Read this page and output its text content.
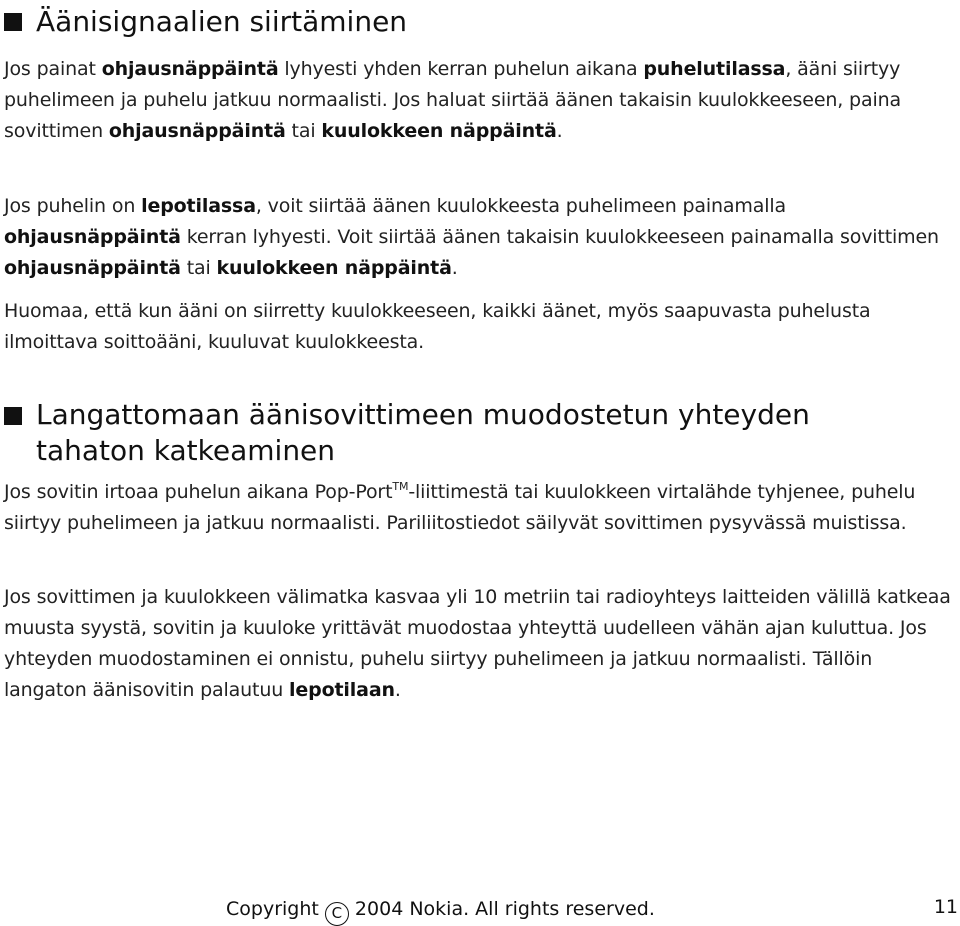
Äänisignaalien siirtäminen

Jos painat ohjausnäppäintä lyhyesti yhden kerran puhelun aikana puhelutilassa, ääni siirtyy puhelimeen ja puhelu jatkuu normaalisti. Jos haluat siirtää äänen takaisin kuulokkeeseen, paina sovittimen ohjausnäppäintä tai kuulokkeen näppäintä.

Jos puhelin on lepotilassa, voit siirtää äänen kuulokkeesta puhelimeen painamalla ohjausnäppäintä kerran lyhyesti. Voit siirtää äänen takaisin kuulokkeeseen painamalla sovittimen ohjausnäppäintä tai kuulokkeen näppäintä.

Huomaa, että kun ääni on siirretty kuulokkeeseen, kaikki äänet, myös saapuvasta puhelusta ilmoittava soittoääni, kuuluvat kuulokkeesta.

Langattomaan äänisovittimeen muodostetun yhteyden
tahaton katkeaminen

Jos sovitin irtoaa puhelun aikana Pop-Port™-liittimestä tai kuulokkeen virtalähde tyhjenee, puhelu siirtyy puhelimeen ja jatkuu normaalisti. Pariliitostiedot säilyvät sovittimen pysyvässä muistissa.

Jos sovittimen ja kuulokkeen välimatka kasvaa yli 10 metriin tai radioyhteys laitteiden välillä katkeaa muusta syystä, sovitin ja kuuloke yrittävät muodostaa yhteyttä uudelleen vähän ajan kuluttua. Jos yhteyden muodostaminen ei onnistu, puhelu siirtyy puhelimeen ja jatkuu normaalisti. Tällöin langaton äänisovitin palautuu lepotilaan.

Copyright C 2004 Nokia. All rights reserved.	11
